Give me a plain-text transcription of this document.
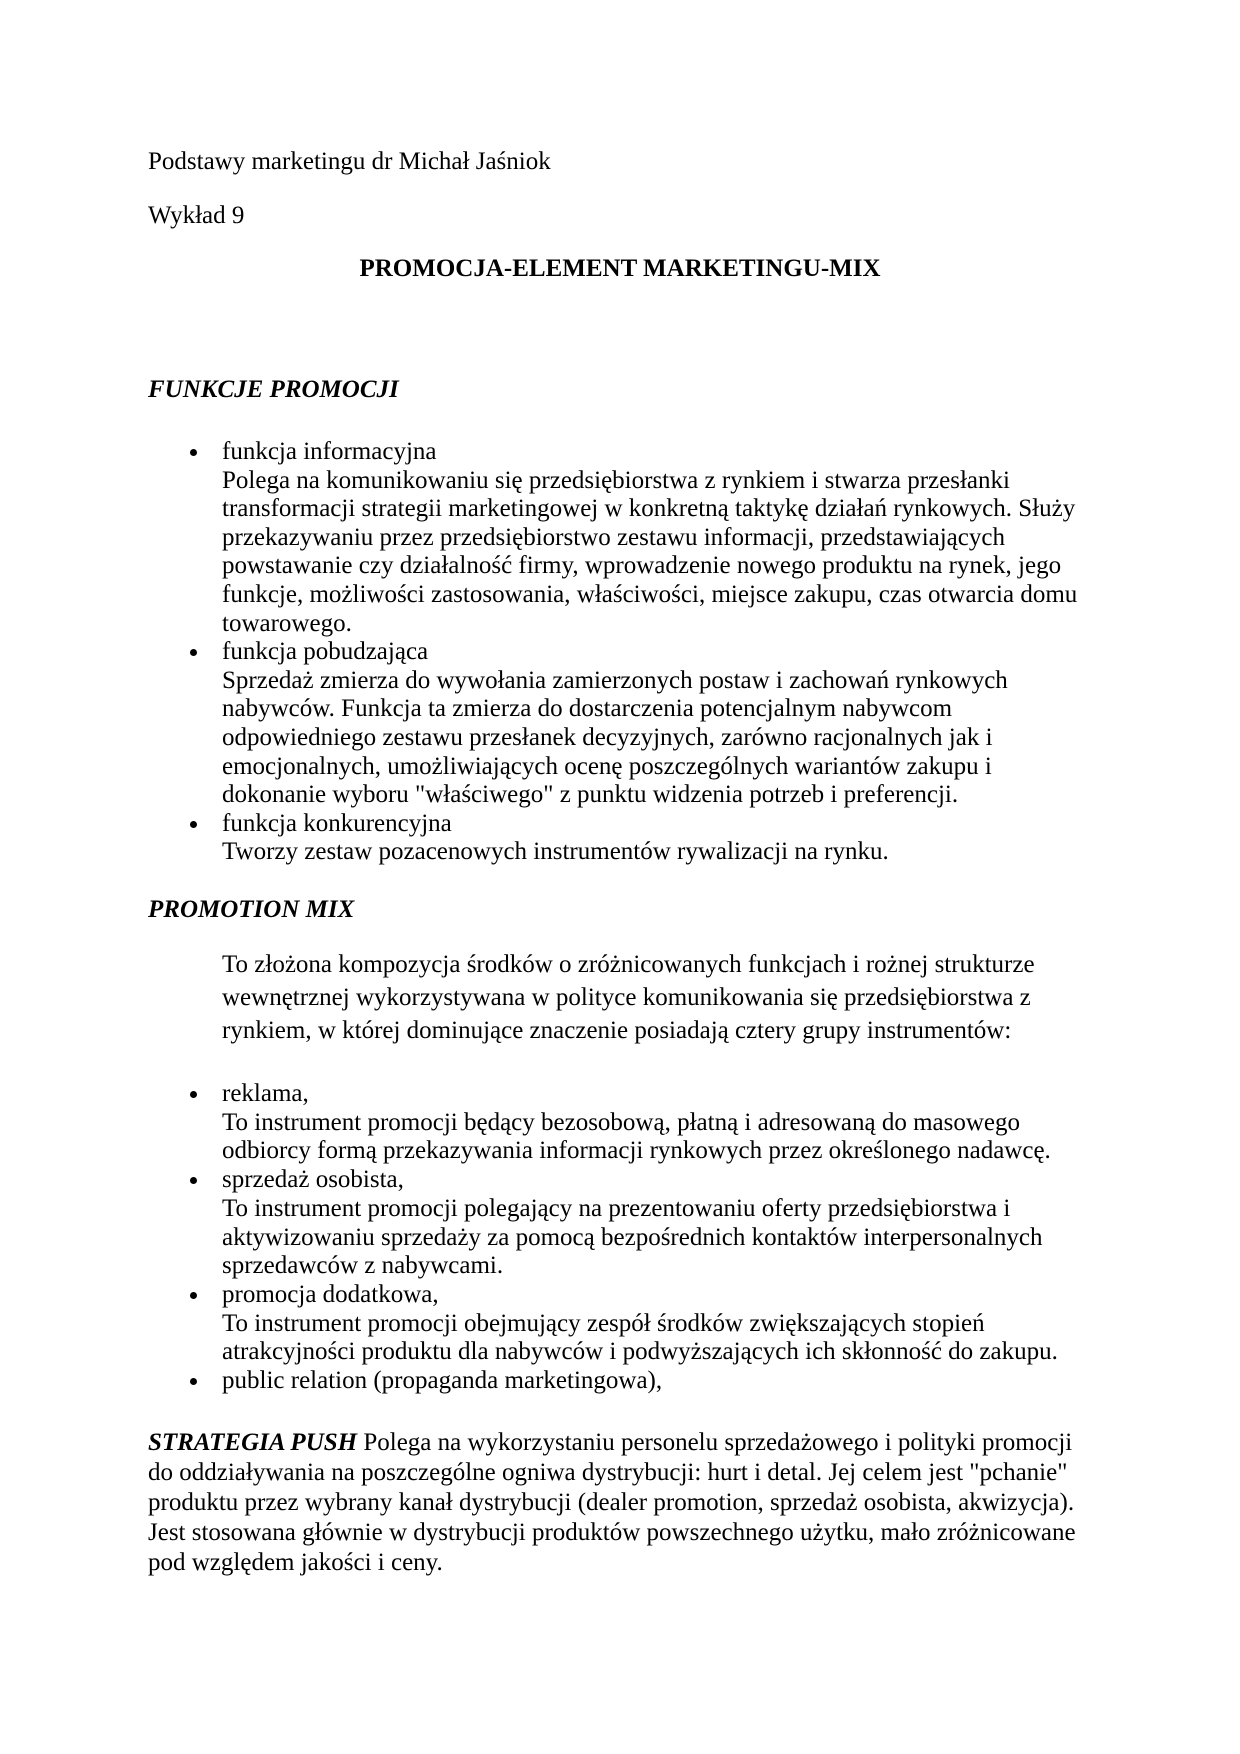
Podstawy marketingu dr Michał Jaśniok
Wykład 9
PROMOCJA-ELEMENT MARKETINGU-MIX
FUNKCJE PROMOCJI
funkcja informacyjna
Polega na komunikowaniu się przedsiębiorstwa z rynkiem i stwarza przesłanki
transformacji strategii marketingowej w konkretną taktykę działań rynkowych. Służy
przekazywaniu przez przedsiębiorstwo zestawu informacji, przedstawiających
powstawanie czy działalność firmy, wprowadzenie nowego produktu na rynek, jego
funkcje, możliwości zastosowania, właściwości, miejsce zakupu, czas otwarcia domu
towarowego.
funkcja pobudzająca
Sprzedaż zmierza do wywołania zamierzonych postaw i zachowań rynkowych
nabywców. Funkcja ta zmierza do dostarczenia potencjalnym nabywcom
odpowiedniego zestawu przesłanek decyzyjnych, zarówno racjonalnych jak i
emocjonalnych, umożliwiających ocenę poszczególnych wariantów zakupu i
dokonanie wyboru "właściwego" z punktu widzenia potrzeb i preferencji.
funkcja konkurencyjna
Tworzy zestaw pozacenowych instrumentów rywalizacji na rynku.
PROMOTION MIX
To złożona kompozycja środków o zróżnicowanych funkcjach i rożnej strukturze
wewnętrznej wykorzystywana w polityce komunikowania się przedsiębiorstwa z
rynkiem, w której dominujące znaczenie posiadają cztery grupy instrumentów:
reklama,
To instrument promocji będący bezosobową, płatną i adresowaną do masowego
odbiorcy formą przekazywania informacji rynkowych przez określonego nadawcę.
sprzedaż osobista,
To instrument promocji polegający na prezentowaniu oferty przedsiębiorstwa i
aktywizowaniu sprzedaży za pomocą bezpośrednich kontaktów interpersonalnych
sprzedawców z nabywcami.
promocja dodatkowa,
To instrument promocji obejmujący zespół środków zwiększających stopień
atrakcyjności produktu dla nabywców i podwyższających ich skłonność do zakupu.
public relation (propaganda marketingowa),
STRATEGIA PUSH Polega na wykorzystaniu personelu sprzedażowego i polityki promocji
do oddziaływania na poszczególne ogniwa dystrybucji: hurt i detal. Jej celem jest "pchanie"
produktu przez wybrany kanał dystrybucji (dealer promotion, sprzedaż osobista, akwizycja).
Jest stosowana głównie w dystrybucji produktów powszechnego użytku, mało zróżnicowane
pod względem jakości i ceny.
